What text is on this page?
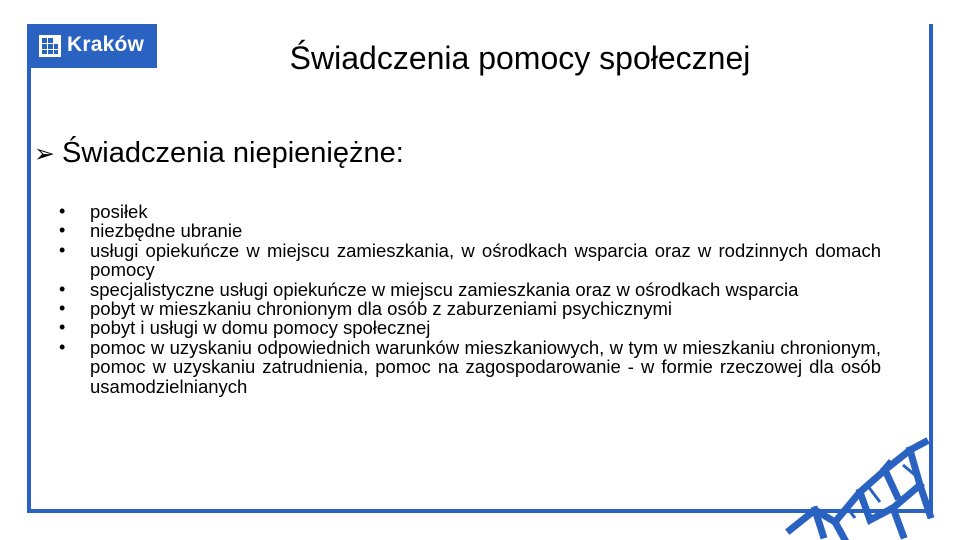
Kraków	Świadczenia pomocy społecznej
➢ Świadczenia niepieniężne:
• posiłek
• niezbędne ubranie
• usługi opiekuńcze w miejscu zamieszkania, w ośrodkach wsparcia oraz w rodzinnych domach pomocy
• specjalistyczne usługi opiekuńcze w miejscu zamieszkania oraz w ośrodkach wsparcia
• pobyt w mieszkaniu chronionym dla osób z zaburzeniami psychicznymi
• pobyt i usługi w domu pomocy społecznej
• pomoc w uzyskaniu odpowiednich warunków mieszkaniowych, w tym w mieszkaniu chronionym, pomoc w uzyskaniu zatrudnienia, pomoc na zagospodarowanie - w formie rzeczowej dla osób usamodzielnianych
